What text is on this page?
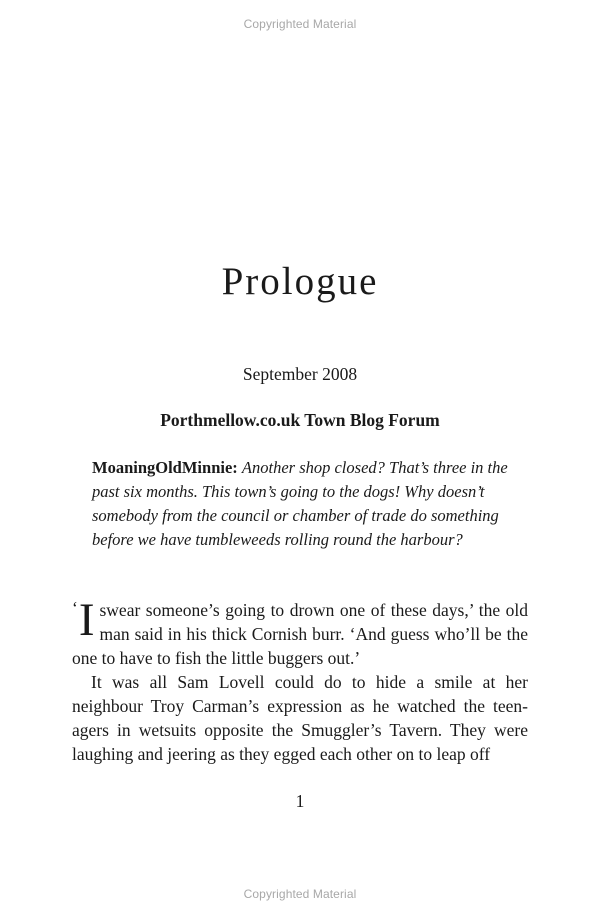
Copyrighted Material
Prologue
September 2008
Porthmellow.co.uk Town Blog Forum
MoaningOldMinnie: Another shop closed? That’s three in the past six months. This town’s going to the dogs! Why doesn’t somebody from the council or chamber of trade do something before we have tumbleweeds rolling round the harbour?

‘ I swear someone’s going to drown one of these days,’ the old man said in his thick Cornish burr. ‘And guess who’ll be the one to have to fish the little buggers out.’

It was all Sam Lovell could do to hide a smile at her neighbour Troy Carman’s expression as he watched the teenagers in wetsuits opposite the Smuggler’s Tavern. They were laughing and jeering as they egged each other on to leap off

1
Copyrighted Material
